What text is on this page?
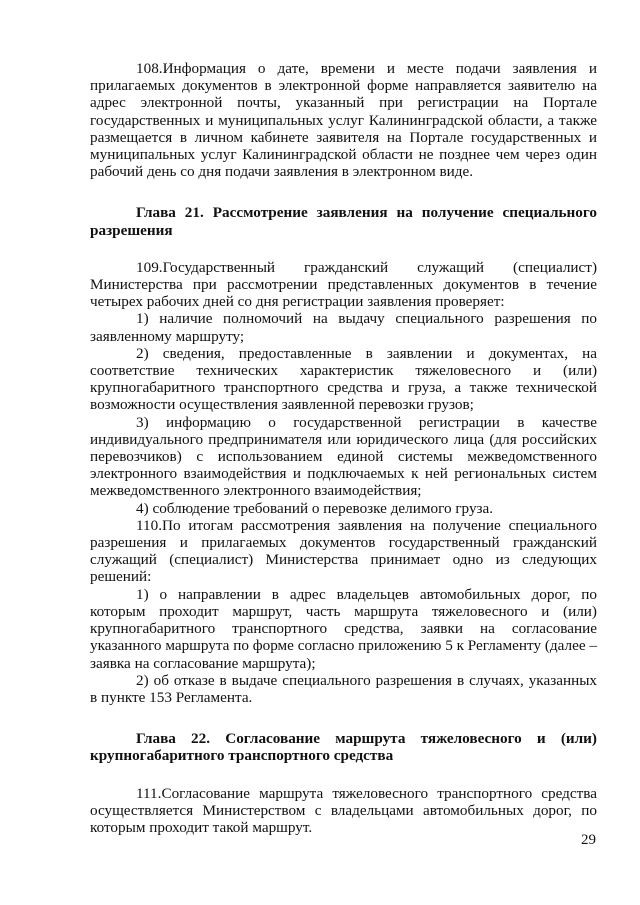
108.Информация о дате, времени и месте подачи заявления и прилагаемых документов в электронной форме направляется заявителю на адрес электронной почты, указанный при регистрации на Портале государственных и муниципальных услуг Калининградской области, а также размещается в личном кабинете заявителя на Портале государственных и муниципальных услуг Калининградской области не позднее чем через один рабочий день со дня подачи заявления в электронном виде.

Глава 21. Рассмотрение заявления на получение специального разрешения

109.Государственный гражданский служащий (специалист) Министерства при рассмотрении представленных документов в течение четырех рабочих дней со дня регистрации заявления проверяет:

1) наличие полномочий на выдачу специального разрешения по заявленному маршруту;

2) сведения, предоставленные в заявлении и документах, на соответствие технических характеристик тяжеловесного и (или) крупногабаритного транспортного средства и груза, а также технической возможности осуществления заявленной перевозки грузов;

3) информацию о государственной регистрации в качестве индивидуального предпринимателя или юридического лица (для российских перевозчиков) с использованием единой системы межведомственного электронного взаимодействия и подключаемых к ней региональных систем межведомственного электронного взаимодействия;

4) соблюдение требований о перевозке делимого груза.

110.По итогам рассмотрения заявления на получение специального разрешения и прилагаемых документов государственный гражданский служащий (специалист) Министерства принимает одно из следующих решений:

1) о направлении в адрес владельцев автомобильных дорог, по которым проходит маршрут, часть маршрута тяжеловесного и (или) крупногабаритного транспортного средства, заявки на согласование указанного маршрута по форме согласно приложению 5 к Регламенту (далее – заявка на согласование маршрута);

2) об отказе в выдаче специального разрешения в случаях, указанных в пункте 153 Регламента.

Глава 22. Согласование маршрута тяжеловесного и (или) крупногабаритного транспортного средства

111.Согласование маршрута тяжеловесного транспортного средства осуществляется Министерством с владельцами автомобильных дорог, по которым проходит такой маршрут.

29
